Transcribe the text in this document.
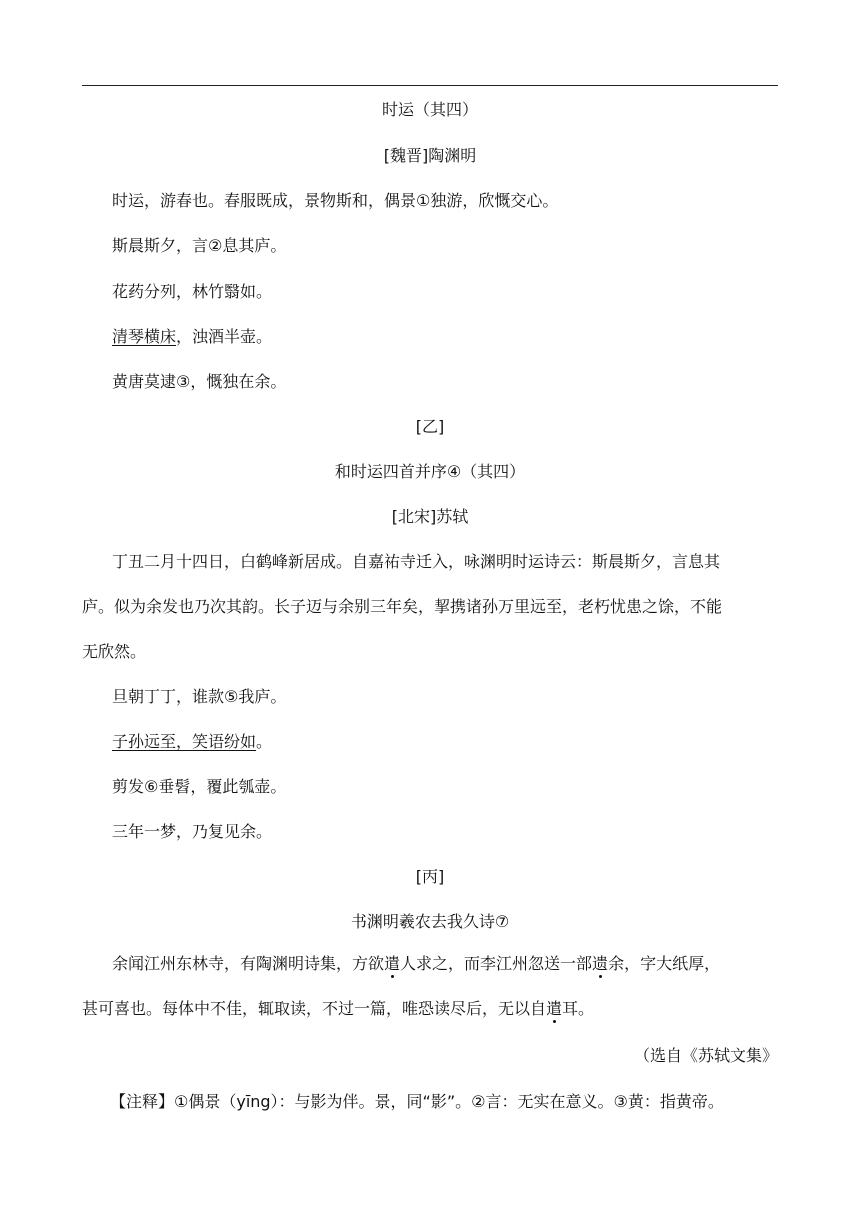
时运（其四）
[魏晋]陶渊明
时运，游春也。春服既成，景物斯和，偶景①独游，欣慨交心。
斯晨斯夕，言②息其庐。
花药分列，林竹翳如。
清琴横床，浊酒半壶。
黄唐莫逮③，慨独在余。
[乙]
和时运四首并序④（其四）
[北宋]苏轼
丁丑二月十四日，白鹤峰新居成。自嘉祐寺迁入，咏渊明时运诗云：斯晨斯夕，言息其
庐。似为余发也乃次其韵。长子迈与余别三年矣，挈携诸孙万里远至，老朽忧患之馀，不能
无欣然。
旦朝丁丁，谁款⑤我庐。
子孙远至，笑语纷如。
剪发⑥垂髫，覆此瓠壶。
三年一梦，乃复见余。
[丙]
书渊明羲农去我久诗⑦
余闻江州东林寺，有陶渊明诗集，方欲遣人求之，而李江州忽送一部遗余，字大纸厚，
甚可喜也。每体中不佳，辄取读，不过一篇，唯恐读尽后，无以自遣耳。
（选自《苏轼文集》
【注释】①偶景（yīng）：与影为伴。景，同“影”。②言：无实在意义。③黄：指黄帝。
